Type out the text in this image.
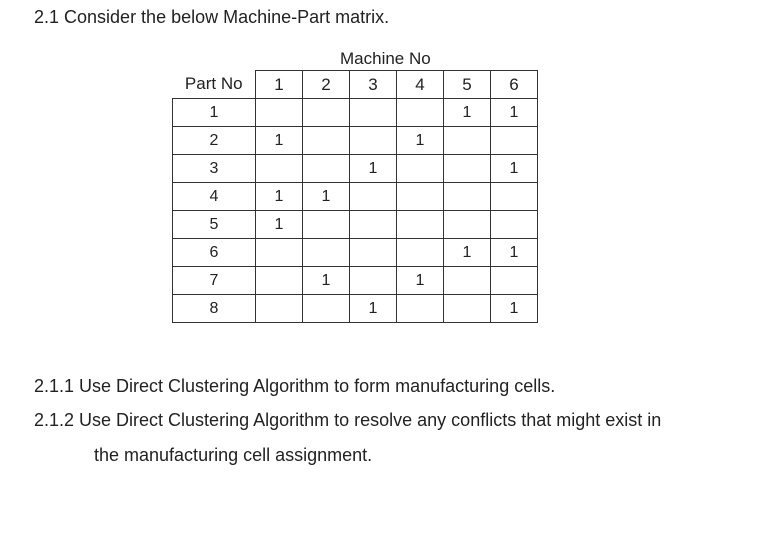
2.1 Consider the below Machine-Part matrix.
Machine No
Part No	1	2	3	4	5	6
1					1	1
2	1			1		
3			1			1
4	1	1				
5	1					
6					1	1
7		1		1		
8			1			1
2.1.1 Use Direct Clustering Algorithm to form manufacturing cells.
2.1.2 Use Direct Clustering Algorithm to resolve any conflicts that might exist in
the manufacturing cell assignment.
